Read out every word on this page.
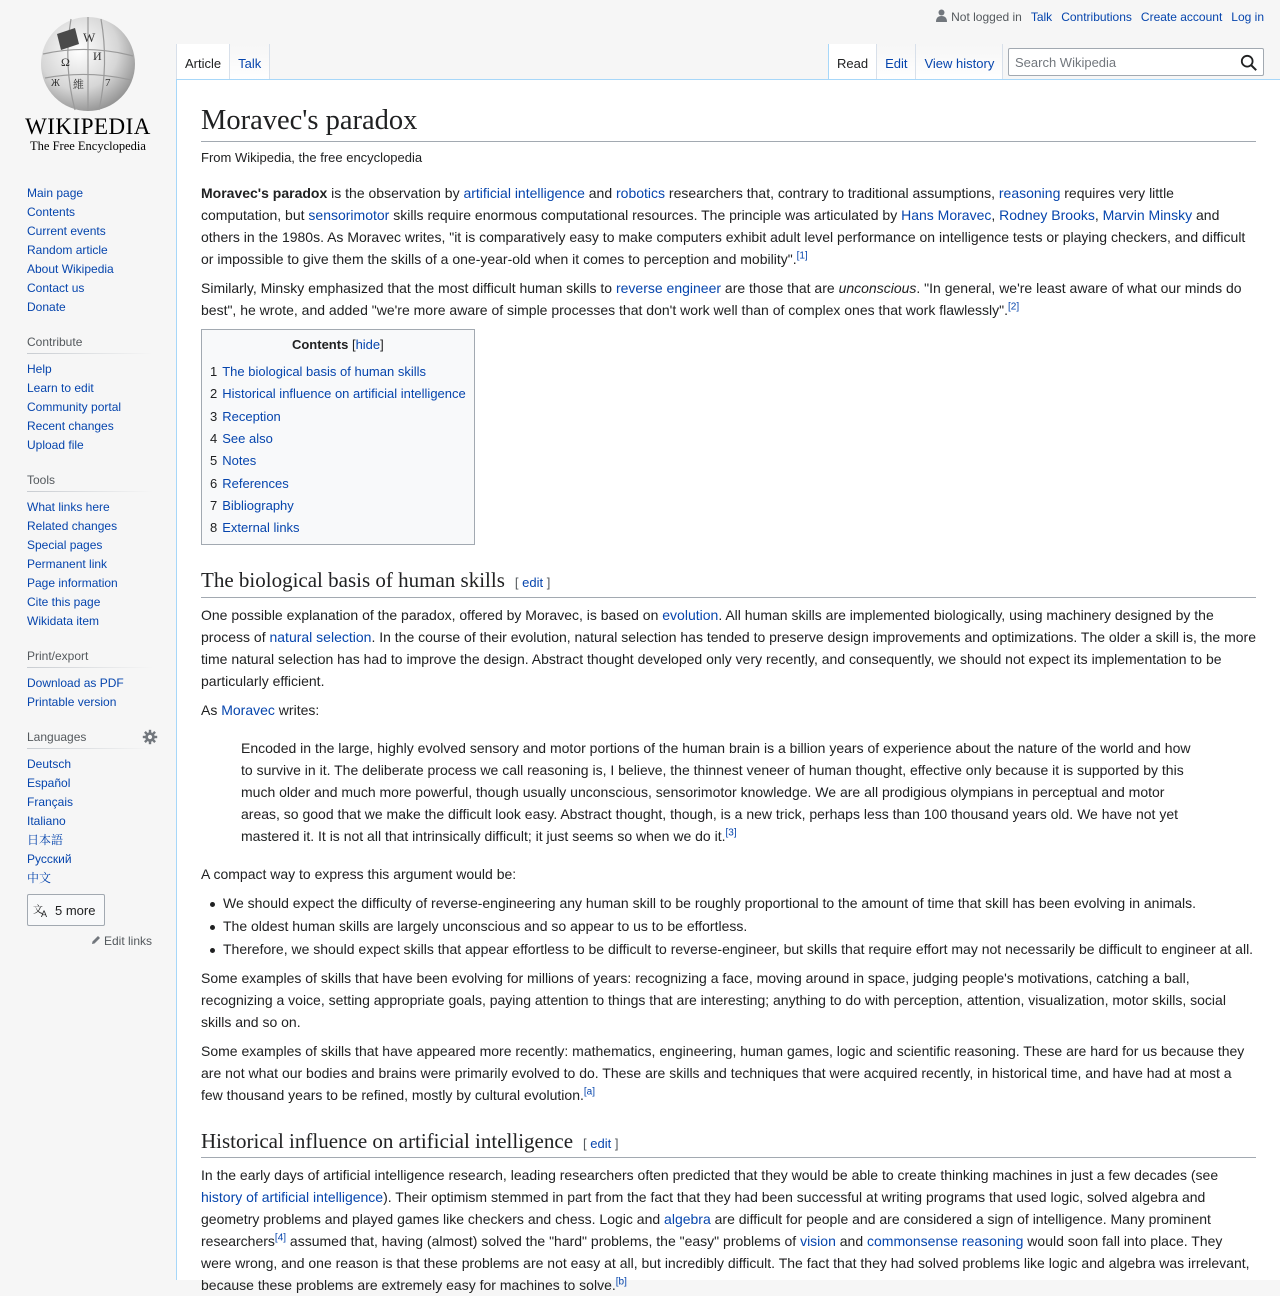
W
И
Ω
維 7
Ж
WIKIPEDIA
The Free Encyclopedia
Not logged in Talk Contributions Create account Log in
Article	Talk	Read	Edit	View history
Search Wikipedia
Main page
Contents
Current events
Random article
About Wikipedia
Contact us
Donate
Contribute
Help
Learn to edit
Community portal
Recent changes
Upload file
Tools
What links here
Related changes
Special pages
Permanent link
Page information
Cite this page
Wikidata item
Print/export
Download as PDF
Printable version
Languages
Deutsch
Español
Français
Italiano
日本語
Русский
中文
文
A 5 more
Edit links
Moravec's paradox
From Wikipedia, the free encyclopedia

Moravec's paradox is the observation by artificial intelligence and robotics researchers that, contrary to traditional assumptions, reasoning requires very little computation, but sensorimotor skills require enormous computational resources. The principle was articulated by Hans Moravec, Rodney Brooks, Marvin Minsky and others in the 1980s. As Moravec writes, "it is comparatively easy to make computers exhibit adult level performance on intelligence tests or playing checkers, and difficult or impossible to give them the skills of a one-year-old when it comes to perception and mobility".[1]

Similarly, Minsky emphasized that the most difficult human skills to reverse engineer are those that are unconscious. "In general, we're least aware of what our minds do best", he wrote, and added "we're more aware of simple processes that don't work well than of complex ones that work flawlessly".[2]

Contents [hide]
1 The biological basis of human skills
2 Historical influence on artificial intelligence
3 Reception
4 See also
5 Notes
6 References
7 Bibliography
8 External links
The biological basis of human skills [ edit ]

One possible explanation of the paradox, offered by Moravec, is based on evolution. All human skills are implemented biologically, using machinery designed by the process of natural selection. In the course of their evolution, natural selection has tended to preserve design improvements and optimizations. The older a skill is, the more time natural selection has had to improve the design. Abstract thought developed only very recently, and consequently, we should not expect its implementation to be particularly efficient.

As Moravec writes:

Encoded in the large, highly evolved sensory and motor portions of the human brain is a billion years of experience about the nature of the world and how to survive in it. The deliberate process we call reasoning is, I believe, the thinnest veneer of human thought, effective only because it is supported by this much older and much more powerful, though usually unconscious, sensorimotor knowledge. We are all prodigious olympians in perceptual and motor areas, so good that we make the difficult look easy. Abstract thought, though, is a new trick, perhaps less than 100 thousand years old. We have not yet mastered it. It is not all that intrinsically difficult; it just seems so when we do it.[3]

A compact way to express this argument would be:

We should expect the difficulty of reverse-engineering any human skill to be roughly proportional to the amount of time that skill has been evolving in animals.
The oldest human skills are largely unconscious and so appear to us to be effortless.
Therefore, we should expect skills that appear effortless to be difficult to reverse-engineer, but skills that require effort may not necessarily be difficult to engineer at all.

Some examples of skills that have been evolving for millions of years: recognizing a face, moving around in space, judging people's motivations, catching a ball, recognizing a voice, setting appropriate goals, paying attention to things that are interesting; anything to do with perception, attention, visualization, motor skills, social skills and so on.

Some examples of skills that have appeared more recently: mathematics, engineering, human games, logic and scientific reasoning. These are hard for us because they are not what our bodies and brains were primarily evolved to do. These are skills and techniques that were acquired recently, in historical time, and have had at most a few thousand years to be refined, mostly by cultural evolution.[a]

Historical influence on artificial intelligence [ edit ]

In the early days of artificial intelligence research, leading researchers often predicted that they would be able to create thinking machines in just a few decades (see history of artificial intelligence). Their optimism stemmed in part from the fact that they had been successful at writing programs that used logic, solved algebra and geometry problems and played games like checkers and chess. Logic and algebra are difficult for people and are considered a sign of intelligence. Many prominent researchers[4] assumed that, having (almost) solved the "hard" problems, the "easy" problems of vision and commonsense reasoning would soon fall into place. They were wrong, and one reason is that these problems are not easy at all, but incredibly difficult. The fact that they had solved problems like logic and algebra was irrelevant, because these problems are extremely easy for machines to solve.[b]
